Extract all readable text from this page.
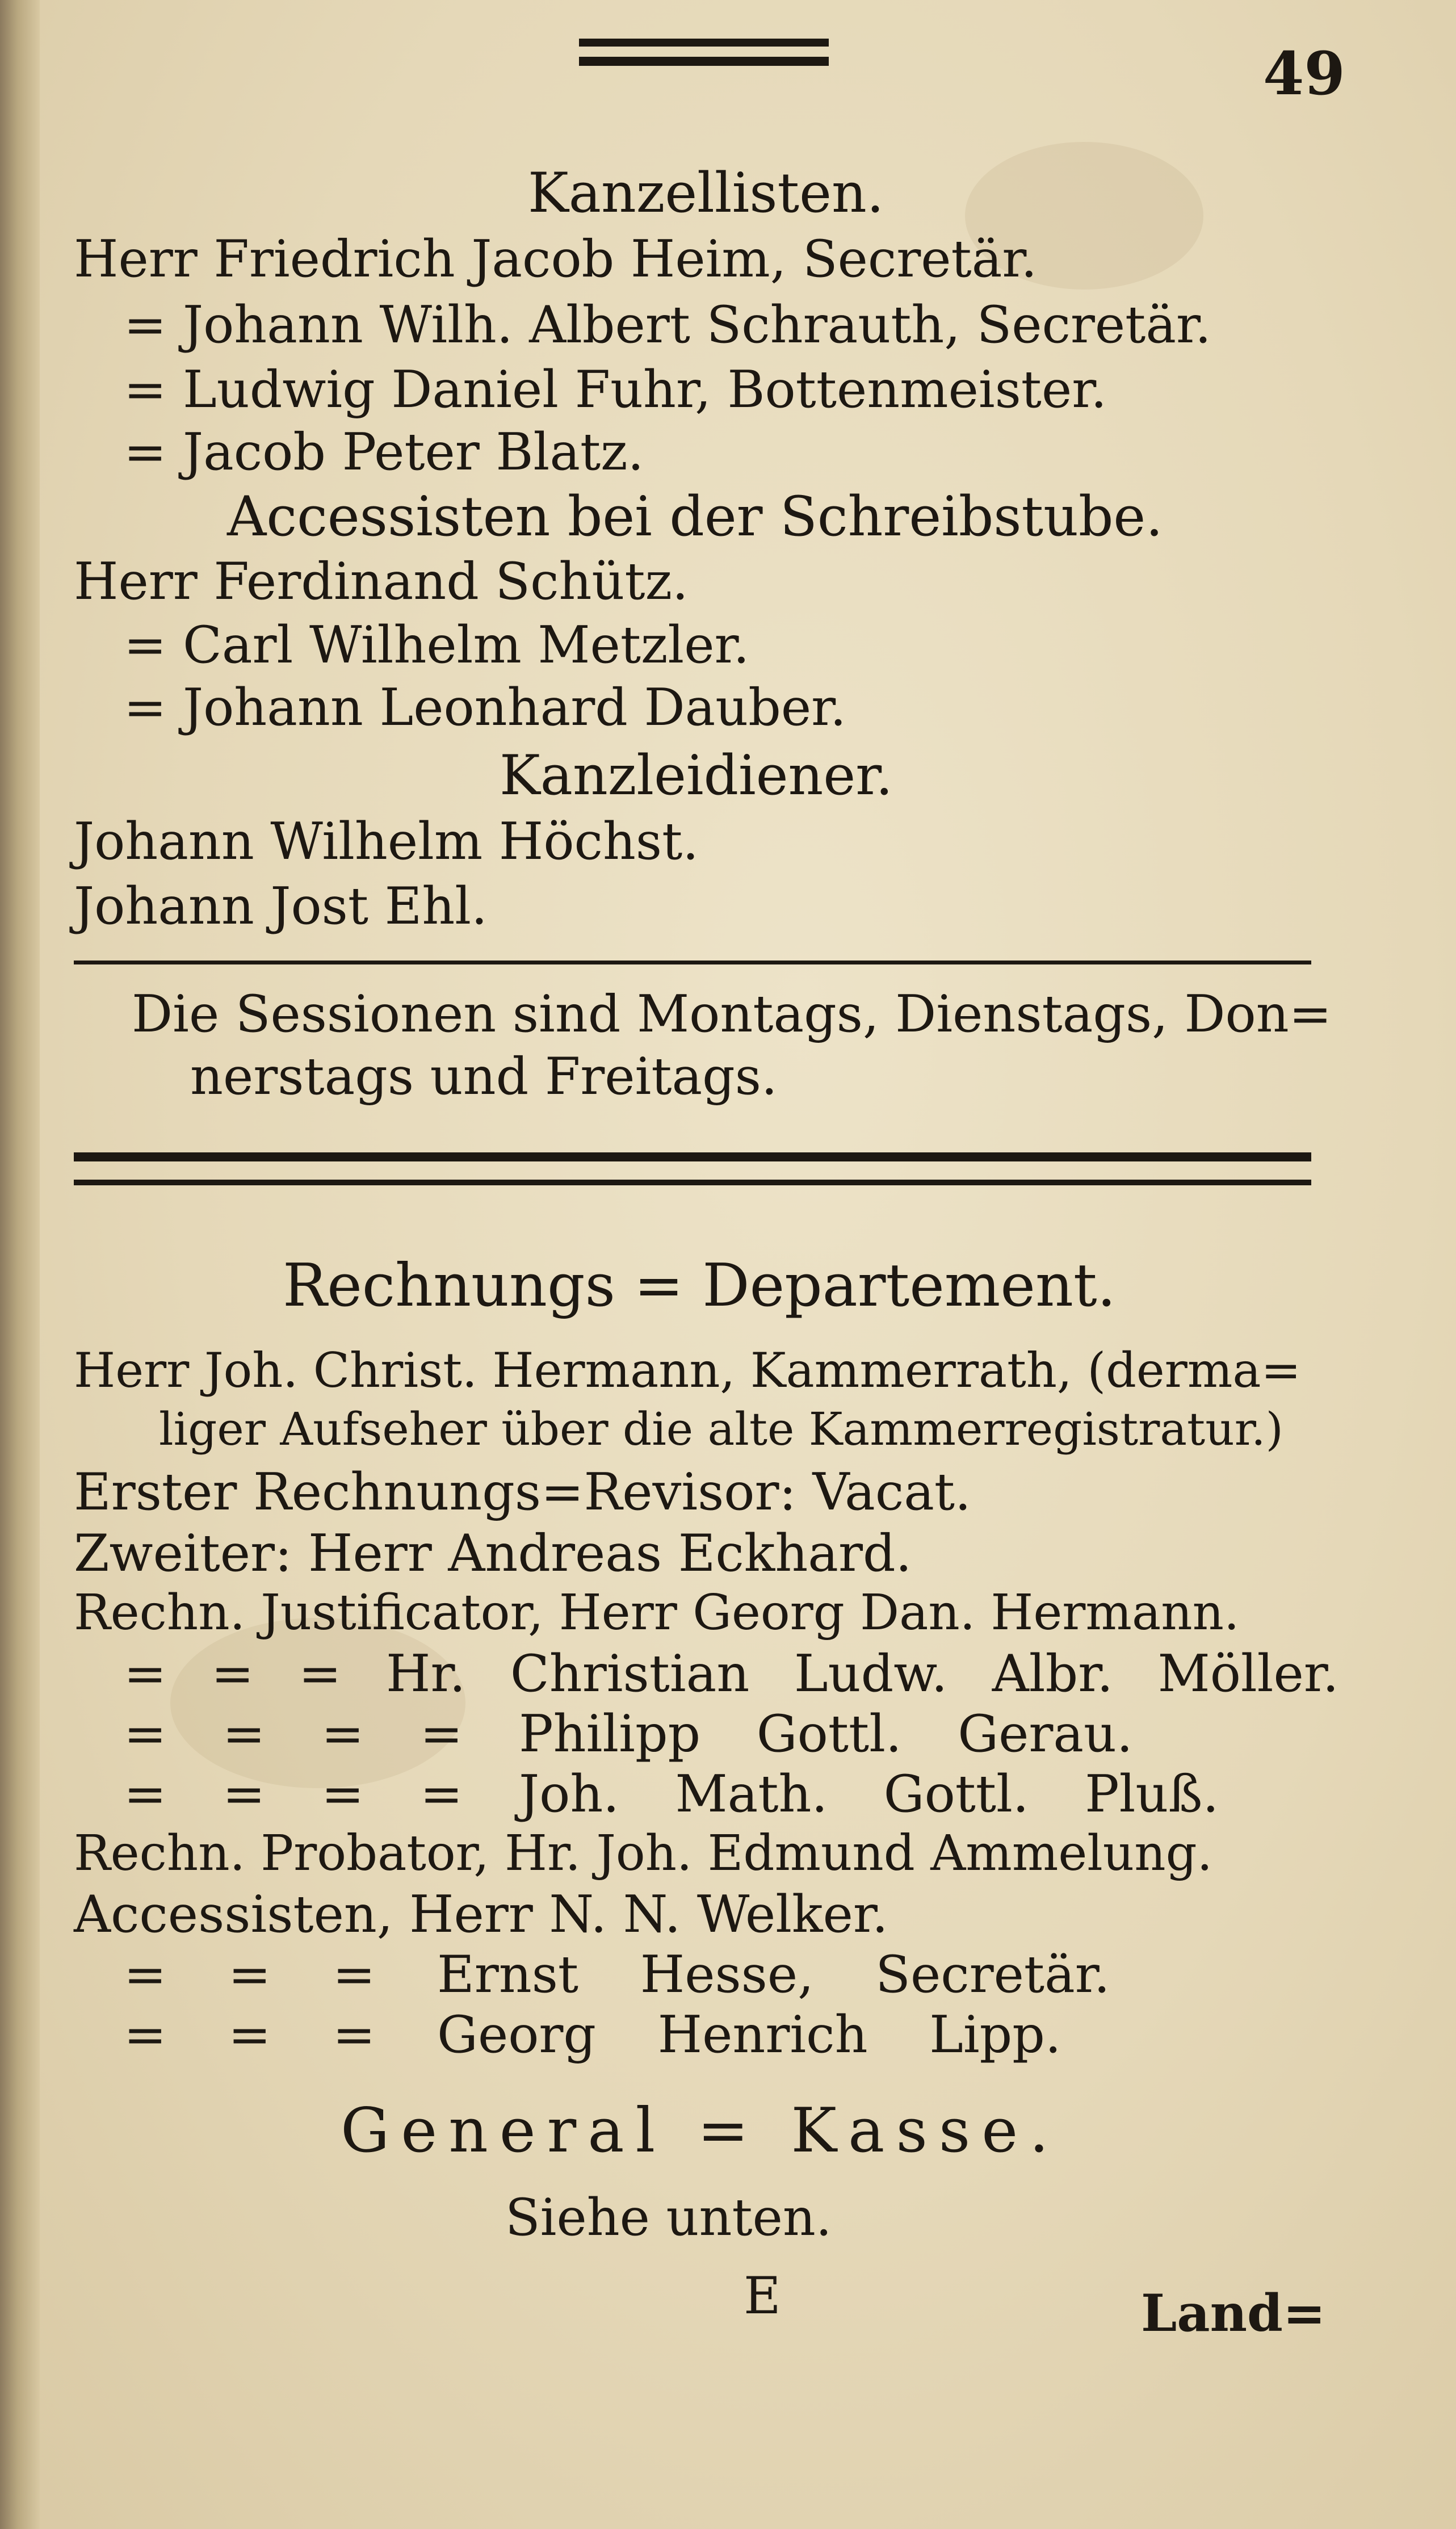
49
Kanzellisten.
Herr Friedrich Jacob Heim, Secretär.
= Johann Wilh. Albert Schrauth, Secretär.
= Ludwig Daniel Fuhr, Bottenmeister.
= Jacob Peter Blatz.
Accessisten bei der Schreibstube.
Herr Ferdinand Schütz.
= Carl Wilhelm Metzler.
= Johann Leonhard Dauber.
Kanzleidiener.
Johann Wilhelm Höchst.
Johann Jost Ehl.
Die Sessionen sind Montags, Dienstags, Don=
nerstags und Freitags.
Rechnungs = Departement.
Herr Joh. Christ. Hermann, Kammerrath, (derma=
liger Aufseher über die alte Kammerregistratur.)
Erster Rechnungs=Revisor: Vacat.
Zweiter: Herr Andreas Eckhard.
Rechn. Justificator, Herr Georg Dan. Hermann.
= = = Hr. Christian Ludw. Albr. Möller.
= = = = Philipp Gottl. Gerau.
= = = = Joh. Math. Gottl. Pluß.
Rechn. Probator, Hr. Joh. Edmund Ammelung.
Accessisten, Herr N. N. Welker.
= = = Ernst Hesse, Secretär.
= = = Georg Henrich Lipp.
General = Kasse.
Siehe unten.
E	Land=
